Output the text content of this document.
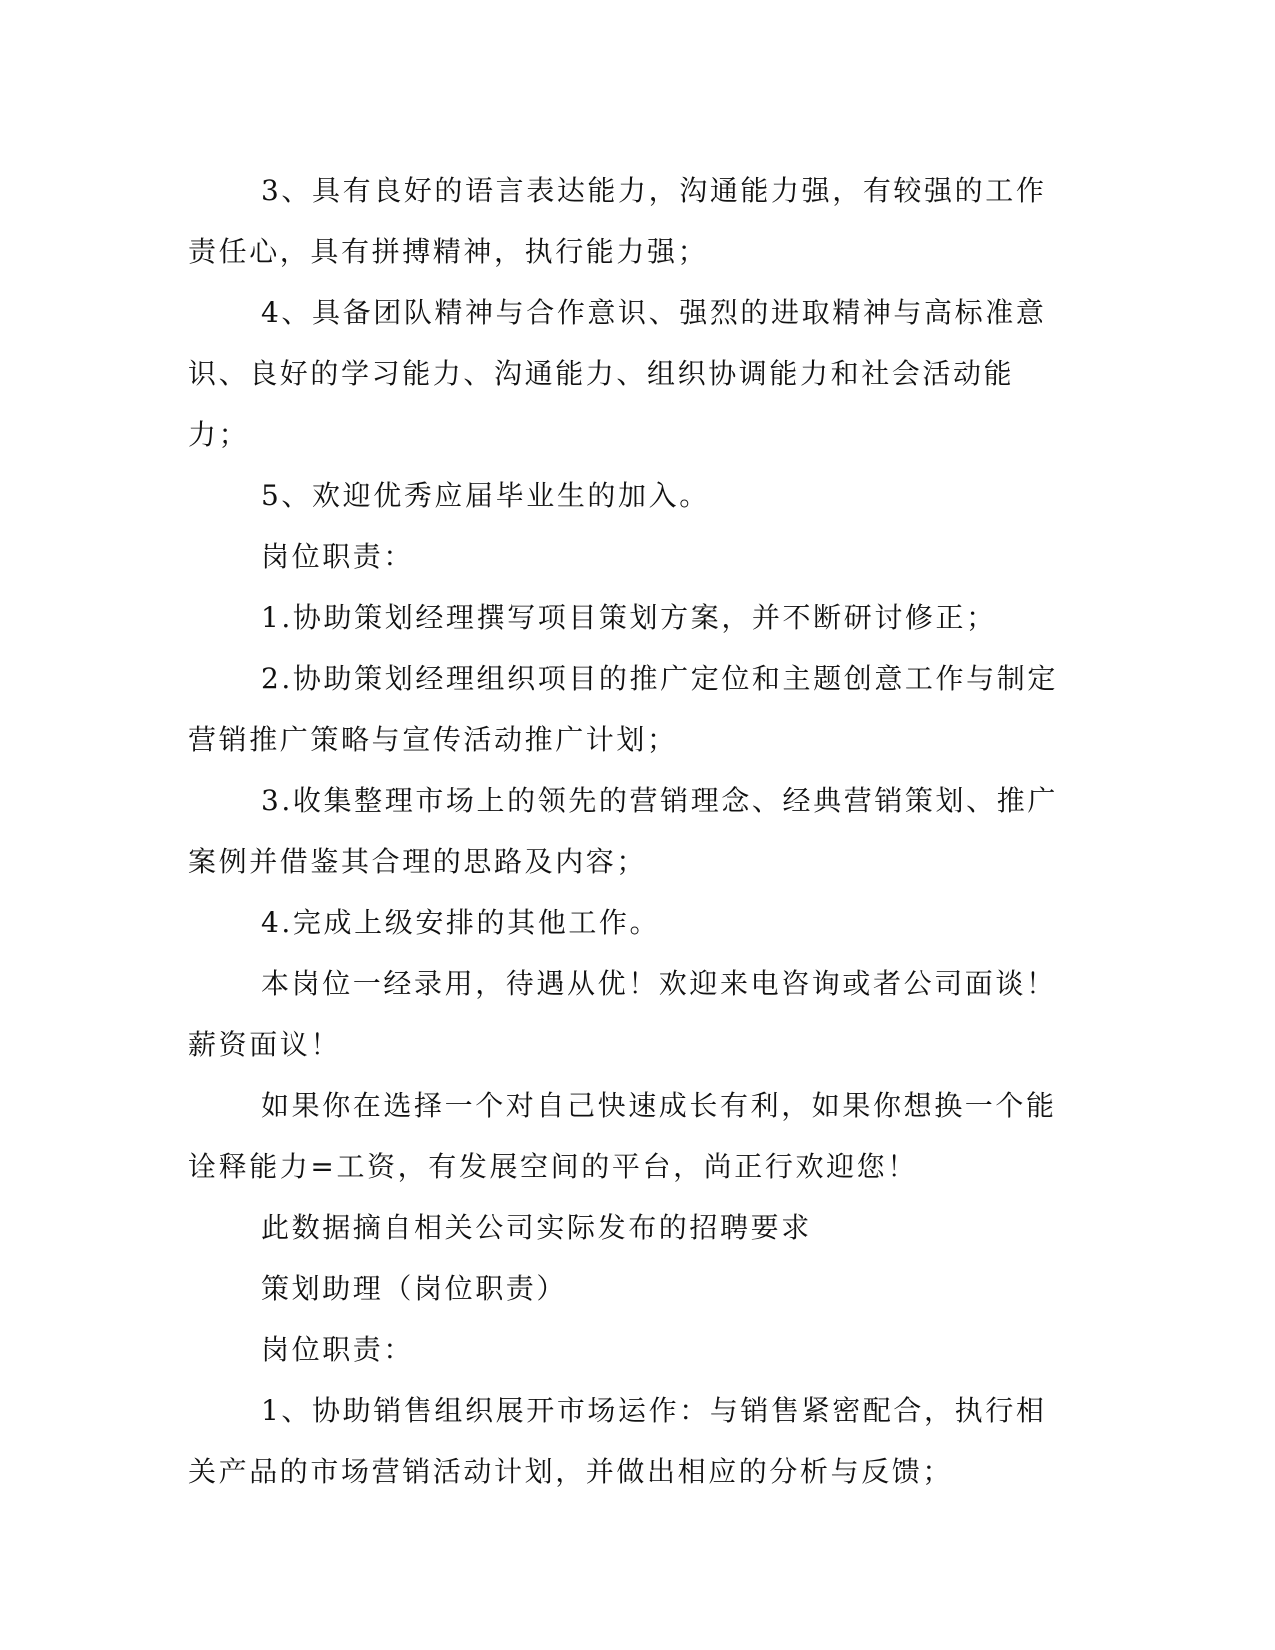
3、具有良好的语言表达能力，沟通能力强，有较强的工作责任心，具有拼搏精神，执行能力强；

4、具备团队精神与合作意识、强烈的进取精神与高标准意识、良好的学习能力、沟通能力、组织协调能力和社会活动能力；

5、欢迎优秀应届毕业生的加入。

岗位职责：

1.协助策划经理撰写项目策划方案，并不断研讨修正；

2.协助策划经理组织项目的推广定位和主题创意工作与制定营销推广策略与宣传活动推广计划；

3.收集整理市场上的领先的营销理念、经典营销策划、推广案例并借鉴其合理的思路及内容；

4.完成上级安排的其他工作。

本岗位一经录用，待遇从优！欢迎来电咨询或者公司面谈！薪资面议！

如果你在选择一个对自己快速成长有利，如果你想换一个能诠释能力=工资，有发展空间的平台，尚正行欢迎您！

此数据摘自相关公司实际发布的招聘要求

策划助理（岗位职责）

岗位职责：

1、协助销售组织展开市场运作：与销售紧密配合，执行相关产品的市场营销活动计划，并做出相应的分析与反馈；
